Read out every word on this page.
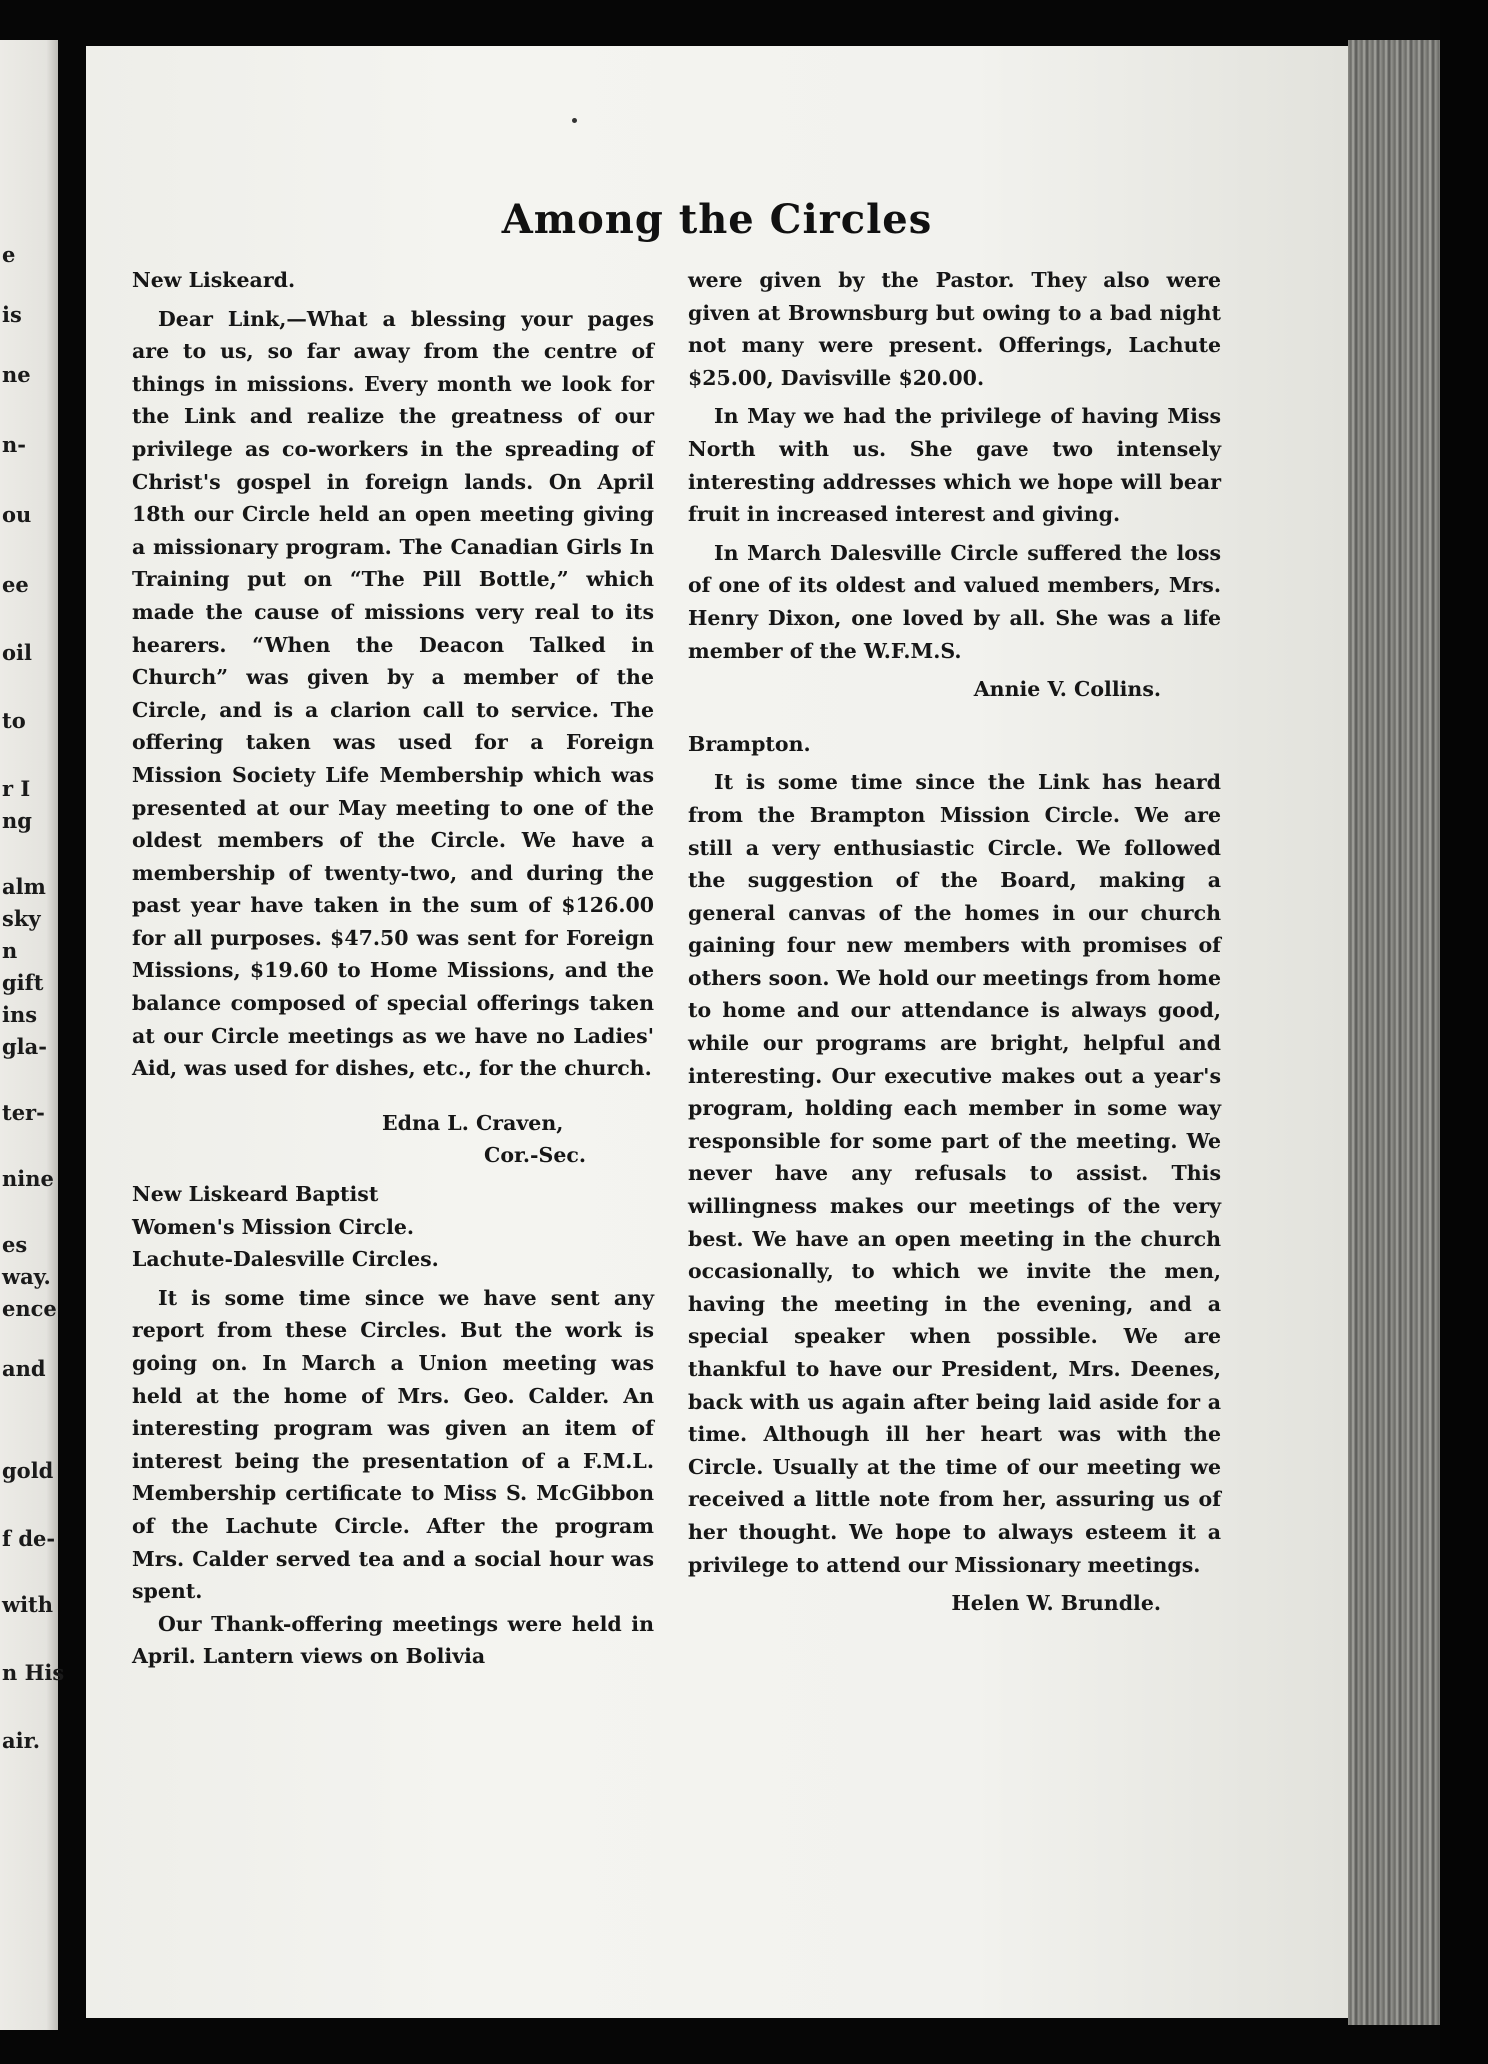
e
is
ne
n-
ou
ee
oil
to
r I
ng
alm
sky
n
gift
ins
gla-
ter-
nine
es
way.
ence
and
gold
f de-
with
n His
air.
Among the Circles

New Liskeard.

Dear Link,—What a blessing your pages are to us, so far away from the centre of things in missions. Every month we look for the Link and realize the greatness of our privilege as co-workers in the spreading of Christ's gospel in foreign lands. On April 18th our Circle held an open meeting giving a missionary program. The Canadian Girls In Training put on “The Pill Bottle,” which made the cause of missions very real to its hearers. “When the Deacon Talked in Church” was given by a member of the Circle, and is a clarion call to service. The offering taken was used for a Foreign Mission Society Life Membership which was presented at our May meeting to one of the oldest members of the Circle. We have a membership of twenty-two, and during the past year have taken in the sum of $126.00 for all purposes. $47.50 was sent for Foreign Missions, $19.60 to Home Missions, and the balance composed of special offerings taken at our Circle meetings as we have no Ladies' Aid, was used for dishes, etc., for the church.

Edna L. Craven,

Cor.-Sec.

New Liskeard Baptist

Women's Mission Circle.

Lachute-Dalesville Circles.

It is some time since we have sent any report from these Circles. But the work is going on. In March a Union meeting was held at the home of Mrs. Geo. Calder. An interesting program was given an item of interest being the presentation of a F.M.L. Membership certificate to Miss S. McGibbon of the Lachute Circle. After the program Mrs. Calder served tea and a social hour was spent.

Our Thank-offering meetings were held in April. Lantern views on Bolivia

were given by the Pastor. They also were given at Brownsburg but owing to a bad night not many were present. Offerings, Lachute $25.00, Davisville $20.00.

In May we had the privilege of having Miss North with us. She gave two intensely interesting addresses which we hope will bear fruit in increased interest and giving.

In March Dalesville Circle suffered the loss of one of its oldest and valued members, Mrs. Henry Dixon, one loved by all. She was a life member of the W.F.M.S.

Annie V. Collins.

Brampton.

It is some time since the Link has heard from the Brampton Mission Circle. We are still a very enthusiastic Circle. We followed the suggestion of the Board, making a general canvas of the homes in our church gaining four new members with promises of others soon. We hold our meetings from home to home and our attendance is always good, while our programs are bright, helpful and interesting. Our executive makes out a year's program, holding each member in some way responsible for some part of the meeting. We never have any refusals to assist. This willingness makes our meetings of the very best. We have an open meeting in the church occasionally, to which we invite the men, having the meeting in the evening, and a special speaker when possible. We are thankful to have our President, Mrs. Deenes, back with us again after being laid aside for a time. Although ill her heart was with the Circle. Usually at the time of our meeting we received a little note from her, assuring us of her thought. We hope to always esteem it a privilege to attend our Missionary meetings.

Helen W. Brundle.
